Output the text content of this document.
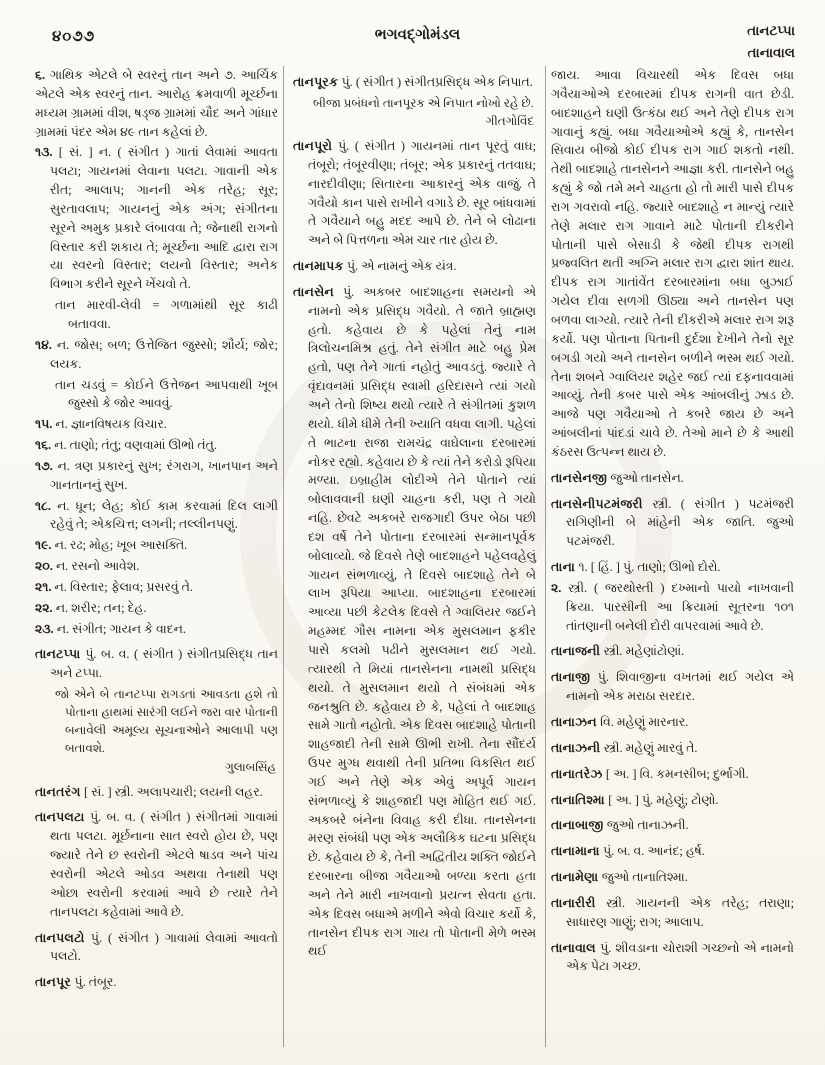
૪૦૭૭	ભગવદ્ગોમંડલ	તાનટપ્પા
તાનાવાલ

૬. ગાથિક એટલે બે સ્વરનું તાન અને ૭. આર્ચિક એટલે એક સ્વરનું તાન. આરોહ ક્રમવાળી મૂર્ચ્છના મધ્યમ ગ્રામમાં વીશ, ષડ્જ ગ્રામમાં ચૌદ અને ગાંધાર ગ્રામમાં પંદર એમ ૪૯ તાન કહેલાં છે.

૧૩. [ સં. ] ન. ( સંગીત ) ગાતાં લેવામાં આવતા પલટા; ગાયનમાં લેવાના પલટા. ગાવાની એક રીત; આલાપ; ગાનની એક તરેહ; સૂર; સુરતાવલાપ; ગાયનનું એક અંગ; સંગીતના સૂરને અમુક પ્રકારે લંબાવવા તે; જેનાથી રાગનો વિસ્તાર કરી શકાય તે; મૂર્ચ્છના આદિ દ્વારા રાગ યા સ્વરનો વિસ્તાર; લયનો વિસ્તાર; અનેક વિભાગ કરીને સૂરને ખેંચવો તે.

તાન મારવી-લેવી = ગળામાંથી સૂર કાઢી બતાવવા.

૧૪. ન. જોસ; બળ; ઉત્તેજિત જુસ્સો; શૌર્ય; જોર; લયક.

તાન ચડવું = કોઈને ઉત્તેજન આપવાથી ખૂબ જુસ્સો કે જોર આવવું.

૧૫. ન. જ્ઞાનવિષયક વિચાર.

૧૬. ન. તાણો; તંતુ; વણવામાં ઊભો તંતુ.

૧૭. ન. ત્રણ પ્રકારનું સુખ; રંગરાગ, ખાનપાન અને ગાનતાનનું સુખ.

૧૮. ન. ધૂન; લેહ; કોઈ કામ કરવામાં દિલ લાગી રહેવું તે; એકચિત્ત; લગની; તલ્લીનપણું.

૧૯. ન. રઢ; મોહ; ખૂબ આસક્તિ.

૨૦. ન. રસનો આવેશ.

૨૧. ન. વિસ્તાર; ફેલાવ; પ્રસરવું તે.

૨૨. ન. શરીર; તન; દેહ.

૨૩. ન. સંગીત; ગાયન કે વાદન.

તાનટપ્પા પું. બ. વ. ( સંગીત ) સંગીતપ્રસિદ્ધ તાન અને ટપ્પા.

જો એને બે તાનટપ્પા રાગડતાં આવડતા હશે તો પોતાના હાથમાં સારંગી લઈને જરા વાર પોતાની બનાવેલી અમૂલ્ય સૂચનાઓને આલાપી પણ બતાવશે.
ગુલાબસિંહ

તાનતરંગ [ સં. ] સ્ત્રી. અલાપચારી; લયની લહર.

તાનપલટા પું. બ. વ. ( સંગીત ) સંગીતમાં ગાવામાં થતા પલટા. મૂર્છનાના સાત સ્વરો હોય છે, પણ જ્યારે તેને છ સ્વરોની એટલે ષાડવ અને પાંચ સ્વરોની એટલે ઓડવ અથવા તેનાથી પણ ઓછા સ્વરોની કરવામાં આવે છે ત્યારે તેને તાનપલટા કહેવામાં આવે છે.

તાનપલટો પું. ( સંગીત ) ગાવામાં લેવામાં આવતો પલટો.

તાનપૂર પું. તંબૂર.

તાનપૂરક પું. ( સંગીત ) સંગીતપ્રસિદ્ધ એક નિપાત.

બીજા પ્રબંધનો તાનપૂરક એ નિપાત નોખો રહે છે.
ગીતગોવિંદ

તાનપૂરો પું. ( સંગીત ) ગાયનમાં તાન પૂરતું વાઘ; તંબૂરો; તંબૂરવીણા; તંબૂર; એક પ્રકારનું તતવાઘ; નારદીવીણા; સિતારના આકારનું એક વાજું. તે ગવૈયો કાન પાસે રાખીને વગાડે છે. સૂર બાંધવામાં તે ગવૈયાને બહુ મદદ આપે છે. તેને બે લોઢાના અને બે પિત્તળના એમ ચાર તાર હોય છે.

તાનમાપક પું. એ નામનું એક યંત્ર.

તાનસેન પું. અકબર બાદશાહના સમયનો એ નામનો એક પ્રસિદ્ધ ગવૈયો. તે જાતે બ્રાહ્મણ હતો. કહેવાય છે કે પહેલાં તેનું નામ ત્રિલોચનમિશ્ર હતું. તેને સંગીત માટે બહુ પ્રેમ હતો, પણ તેને ગાતાં નહોતું આવડતું. જ્યારે તે વૃંદાવનમાં પ્રસિદ્ધ સ્વામી હરિદાસને ત્યાં ગયો અને તેનો શિષ્ય થયો ત્યારે તે સંગીતમાં કુશળ થયો. ધીમે ધીમે તેની ખ્યાતિ વધવા લાગી. પહેલાં તે ભાટના રાજા રામચંદ્ર વાઘેલાના દરબારમાં નોકર રહ્યો. કહેવાય છે કે ત્યાં તેને કરોડો રૂપિયા મળ્યા. ઇબ્રાહીમ લોદીએ તેને પોતાને ત્યાં બોલાવવાની ઘણી ચાહના કરી, પણ તે ગયો નહિ. છેવટે અકબરે રાજગાદી ઉપર બેઠા પછી દશ વર્ષે તેને પોતાના દરબારમાં સન્માનપૂર્વક બોલાવ્યો. જે દિવસે તેણે બાદશાહને પહેલવહેલું ગાયન સંભળાવ્યું, તે દિવસે બાદશાહે તેને બે લાખ રૂપિયા આપ્યા. બાદશાહના દરબારમાં આવ્યા પછી કેટલેક દિવસે તે ગ્વાલિયર જઈને મહમ્મદ ગૌસ નામના એક મુસલમાન ફકીર પાસે કલમો પઢીને મુસલમાન થઈ ગયો. ત્યારથી તે મિયાં તાનસેનના નામથી પ્રસિદ્ધ થયો. તે મુસલમાન થયો તે સંબંધમાં એક જનશ્રુતિ છે. કહેવાય છે કે, પહેલાં તે બાદશાહ સામે ગાતો નહોતો. એક દિવસ બાદશાહે પોતાની શાહજાદી તેની સામે ઊભી રાખી. તેના સૌંદર્ય ઉપર મુગ્ધ થવાથી તેની પ્રતિભા વિકસિત થઈ ગઈ અને તેણે એક એવું અપૂર્વ ગાયન સંભળાવ્યું કે શાહજાદી પણ મોહિત થઈ ગઈ. અકબરે બંનેના વિવાહ કરી દીધા. તાનસેનના મરણ સંબંધી પણ એક અલૌકિક ઘટના પ્રસિદ્ધ છે. કહેવાય છે કે, તેની અદ્વિતીય શક્તિ જોઈને દરબારના બીજા ગવૈયાઓ બળ્યા કરતા હતા અને તેને મારી નાખવાનો પ્રયત્ન સેવતા હતા. એક દિવસ બધાએ મળીને એવો વિચાર કર્યો કે, તાનસેન દીપક રાગ ગાય તો પોતાની મેળે ભસ્મ થઈ

જાય. આવા વિચારથી એક દિવસ બધા ગવૈયાઓએ દરબારમાં દીપક રાગની વાત છેડી. બાદશાહને ઘણી ઉત્કંઠા થઈ અને તેણે દીપક રાગ ગાવાનું કહ્યું. બધા ગવૈયાઓએ કહ્યું કે, તાનસેન સિવાય બીજો કોઈ દીપક રાગ ગાઈ શકતો નથી. તેથી બાદશાહે તાનસેનને આજ્ઞા કરી. તાનસેને બહુ કહ્યું કે જો તમે મને ચાહતા હો તો મારી પાસે દીપક રાગ ગવરાવો નહિ. જ્યારે બાદશાહે ન માન્યું ત્યારે તેણે મલાર રાગ ગાવાને માટે પોતાની દીકરીને પોતાની પાસે બેસાડી કે જેથી દીપક રાગથી પ્રજ્વલિત થતી અગ્નિ મલાર રાગ દ્વારા શાંત થાય. દીપક રાગ ગાતાંવેંત દરબારમાંના બધા બુઝાઈ ગયેલ દીવા સળગી ઊઠ્યા અને તાનસેન પણ બળવા લાગ્યો. ત્યારે તેની દીકરીએ મલાર રાગ શરૂ કર્યો. પણ પોતાના પિતાની દુર્દશા દેખીને તેનો સૂર બગડી ગયો અને તાનસેન બળીને ભસ્મ થઈ ગયો. તેના શબને ગ્વાલિયર શહેર જઈ ત્યાં દફનાવવામાં આવ્યું. તેની કબર પાસે એક આંબલીનું ઝાડ છે. આજે પણ ગવૈયાઓ તે કબરે જાય છે અને આંબલીનાં પાંદડાં ચાવે છે. તેઓ માને છે કે આથી કંઠરસ ઉત્પન્ન થાય છે.

તાનસેનજી જુઓ તાનસેન.

તાનસેનીપટમંજરી સ્ત્રી. ( સંગીત ) પટમંજરી રાગિણીની બે માંહેની એક જાતિ. જુઓ પટમંજરી.

તાના ૧. [ હિં. ] પું. તાણો; ઊભો દોરો.

૨. સ્ત્રી. ( જરથોસ્તી ) દખ્માનો પાયો નાખવાની ક્રિયા. પારસીની આ ક્રિયામાં સૂતરના ૧૦૧ તાંતણાની બનેલી દોરી વાપરવામાં આવે છે.

તાનાજની સ્ત્રી. મહેણાંટોણાં.

તાનાજી પું. શિવાજીના વખતમાં થઈ ગયેલ એ નામનો એક મરાઠા સરદાર.

તાનાઝન વિ. મહેણું મારનાર.

તાનાઝની સ્ત્રી. મહેણું મારવું તે.

તાનાતરેઝ [ અ. ] વિ. કમનસીબ; દુર્ભાગી.

તાનાતિશ્મા [ અ. ] પું. મહેણું; ટોણો.

તાનાબાજી જુઓ તાનાઝની.

તાનામાના પું. બ. વ. આનંદ; હર્ષ.

તાનામેણા જુઓ તાનાતિશ્મા.

તાનારીરી સ્ત્રી. ગાયનની એક તરેહ; તરાણા; સાધારણ ગાણું; રાગ; આલાપ.

તાનાવાલ પું. શીવડાના ચોરાશી ગચ્છનો એ નામનો એક પેટા ગચ્છ.
